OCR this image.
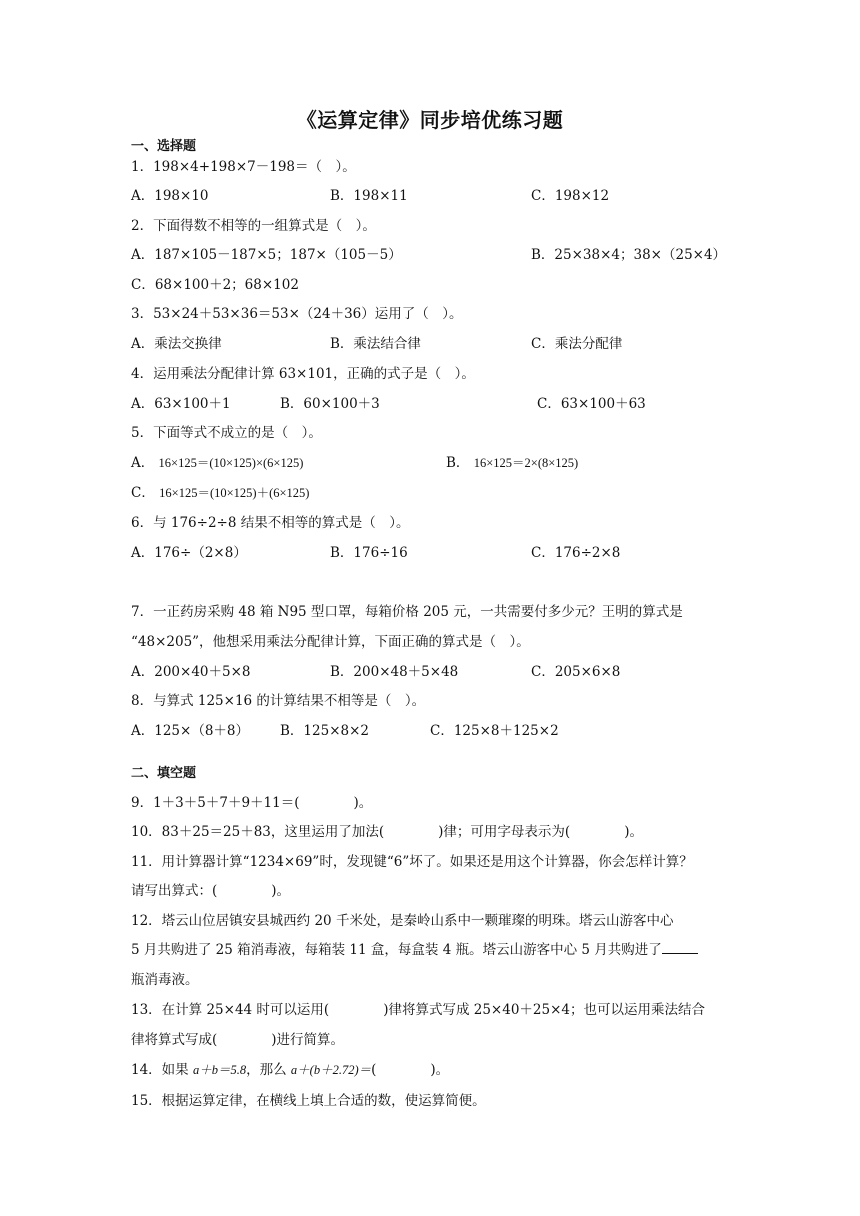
《运算定律》同步培优练习题
一、选择题
1．198×4+198×7－198＝（　）。
A．198×10	B．198×11	C．198×12
2．下面得数不相等的一组算式是（　）。
A．187×105－187×5；187×（105－5）	B．25×38×4；38×（25×4）
C．68×100＋2；68×102
3．53×24＋53×36＝53×（24＋36）运用了（　）。
A．乘法交换律	B．乘法结合律	C．乘法分配律
4．运用乘法分配律计算 63×101，正确的式子是（　）。
A．63×100＋1	B．60×100＋3	C．63×100＋63
5．下面等式不成立的是（　）。
A． 16×125＝(10×125)×(6×125)	B． 16×125＝2×(8×125)
C． 16×125＝(10×125)＋(6×125)
6．与 176÷2÷8 结果不相等的算式是（　）。
A．176÷（2×8）	B．176÷16	C．176÷2×8
7．一正药房采购 48 箱 N95 型口罩，每箱价格 205 元，一共需要付多少元？王明的算式是
“48×205”，他想采用乘法分配律计算，下面正确的算式是（　）。
A．200×40＋5×8	B．200×48＋5×48	C．205×6×8
8．与算式 125×16 的计算结果不相等是（　）。
A．125×（8＋8） B．125×8×2	C．125×8＋125×2
二、填空题
9．1＋3＋5＋7＋9＋11＝(　　　　)。
10．83＋25＝25＋83，这里运用了加法(　　　　)律；可用字母表示为(　　　　)。
11．用计算器计算“1234×69”时，发现键“6”坏了。如果还是用这个计算器，你会怎样计算？
请写出算式：(　　　　)。
12．塔云山位居镇安县城西约 20 千米处，是秦岭山系中一颗璀璨的明珠。塔云山游客中心
5 月共购进了 25 箱消毒液，每箱装 11 盒，每盒装 4 瓶。塔云山游客中心 5 月共购进了
瓶消毒液。
13．在计算 25×44 时可以运用(　　　　)律将算式写成 25×40＋25×4；也可以运用乘法结合
律将算式写成(　　　　)进行简算。
14．如果 a＋b＝5.8，那么 a＋(b＋2.72)＝(　　　　)。
15．根据运算定律，在横线上填上合适的数，使运算简便。
